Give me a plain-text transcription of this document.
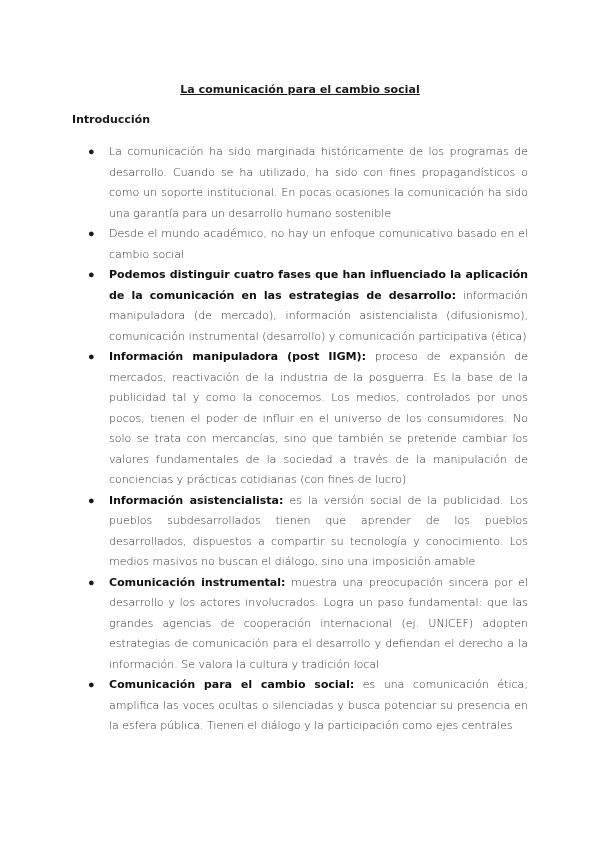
La comunicación para el cambio social
Introducción
● La comunicación ha sido marginada históricamente de los programas de desarrollo. Cuando se ha utilizado, ha sido con fines propagandísticos o como un soporte institucional. En pocas ocasiones la comunicación ha sido una garantía para un desarrollo humano sostenible
● Desde el mundo académico, no hay un enfoque comunicativo basado en el cambio social
● Podemos distinguir cuatro fases que han influenciado la aplicación de la comunicación en las estrategias de desarrollo: información manipuladora (de mercado), información asistencialista (difusionismo), comunicación instrumental (desarrollo) y comunicación participativa (ética)
● Información manipuladora (post IIGM): proceso de expansión de mercados, reactivación de la industria de la posguerra. Es la base de la publicidad tal y como la conocemos. Los medios, controlados por unos pocos, tienen el poder de influir en el universo de los consumidores. No solo se trata con mercancías, sino que también se pretende cambiar los valores fundamentales de la sociedad a través de la manipulación de conciencias y prácticas cotidianas (con fines de lucro)
● Información asistencialista: es la versión social de la publicidad. Los pueblos subdesarrollados tienen que aprender de los pueblos desarrollados, dispuestos a compartir su tecnología y conocimiento. Los medios masivos no buscan el diálogo, sino una imposición amable
● Comunicación instrumental: muestra una preocupación sincera por el desarrollo y los actores involucrados. Logra un paso fundamental: que las grandes agencias de cooperación internacional (ej. UNICEF) adopten estrategias de comunicación para el desarrollo y defiendan el derecho a la información. Se valora la cultura y tradición local
● Comunicación para el cambio social: es una comunicación ética; amplifica las voces ocultas o silenciadas y busca potenciar su presencia en la esfera pública. Tienen el diálogo y la participación como ejes centrales
